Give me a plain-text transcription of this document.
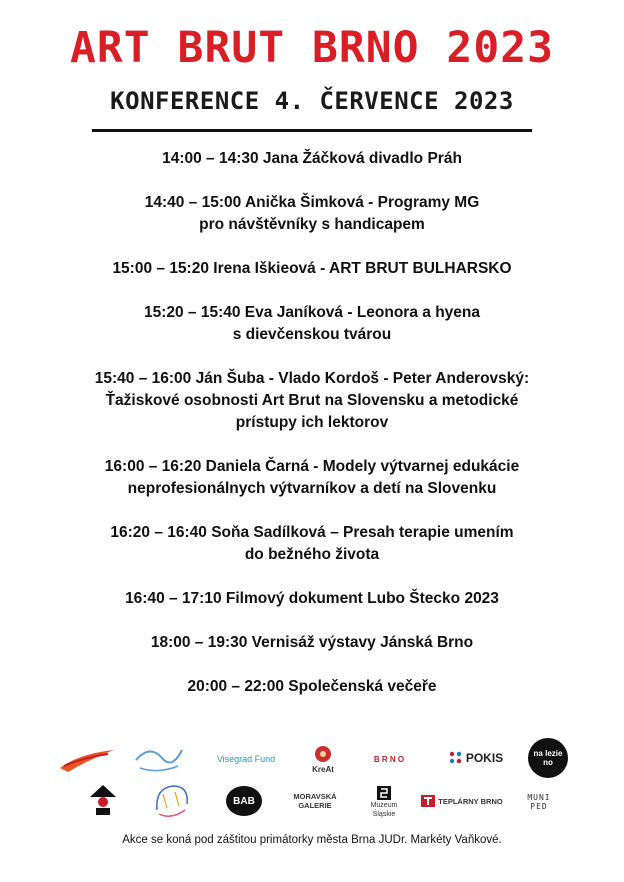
ART BRUT BRNO 2023
KONFERENCE 4. ČERVENCE 2023
14:00 – 14:30 Jana Žáčková divadlo Práh
14:40 – 15:00 Anička Šimková - Programy MG
pro návštěvníky s handicapem
15:00 – 15:20 Irena Iškieová - ART BRUT BULHARSKO
15:20 – 15:40 Eva Janíková - Leonora a hyena
s dievčenskou tvárou
15:40 – 16:00 Ján Šuba - Vlado Kordoš - Peter Anderovský:
Ťažiskové osobnosti Art Brut na Slovensku a metodické
prístupy ich lektorov
16:00 – 16:20 Daniela Čarná - Modely výtvarnej edukácie
neprofesionálnych výtvarníkov a detí na Slovenku
16:20 – 16:40 Soňa Sadílková – Presah terapie umením
do bežného života
16:40 – 17:10 Filmový dokument Lubo Štecko 2023
18:00 – 19:30 Vernisáž výstavy Jánská Brno
20:00 – 22:00 Společenská večeře
Visegrad Fund
KreAt
B R N O	POKIS	na lezie no
BAB	MORAVSKÁ GALERIE	Muzeum Śląskie
TEPLÁRNY BRNO	MUNI PED
Akce se koná pod záštitou primátorky města Brna JUDr. Markéty Vaňkové.
